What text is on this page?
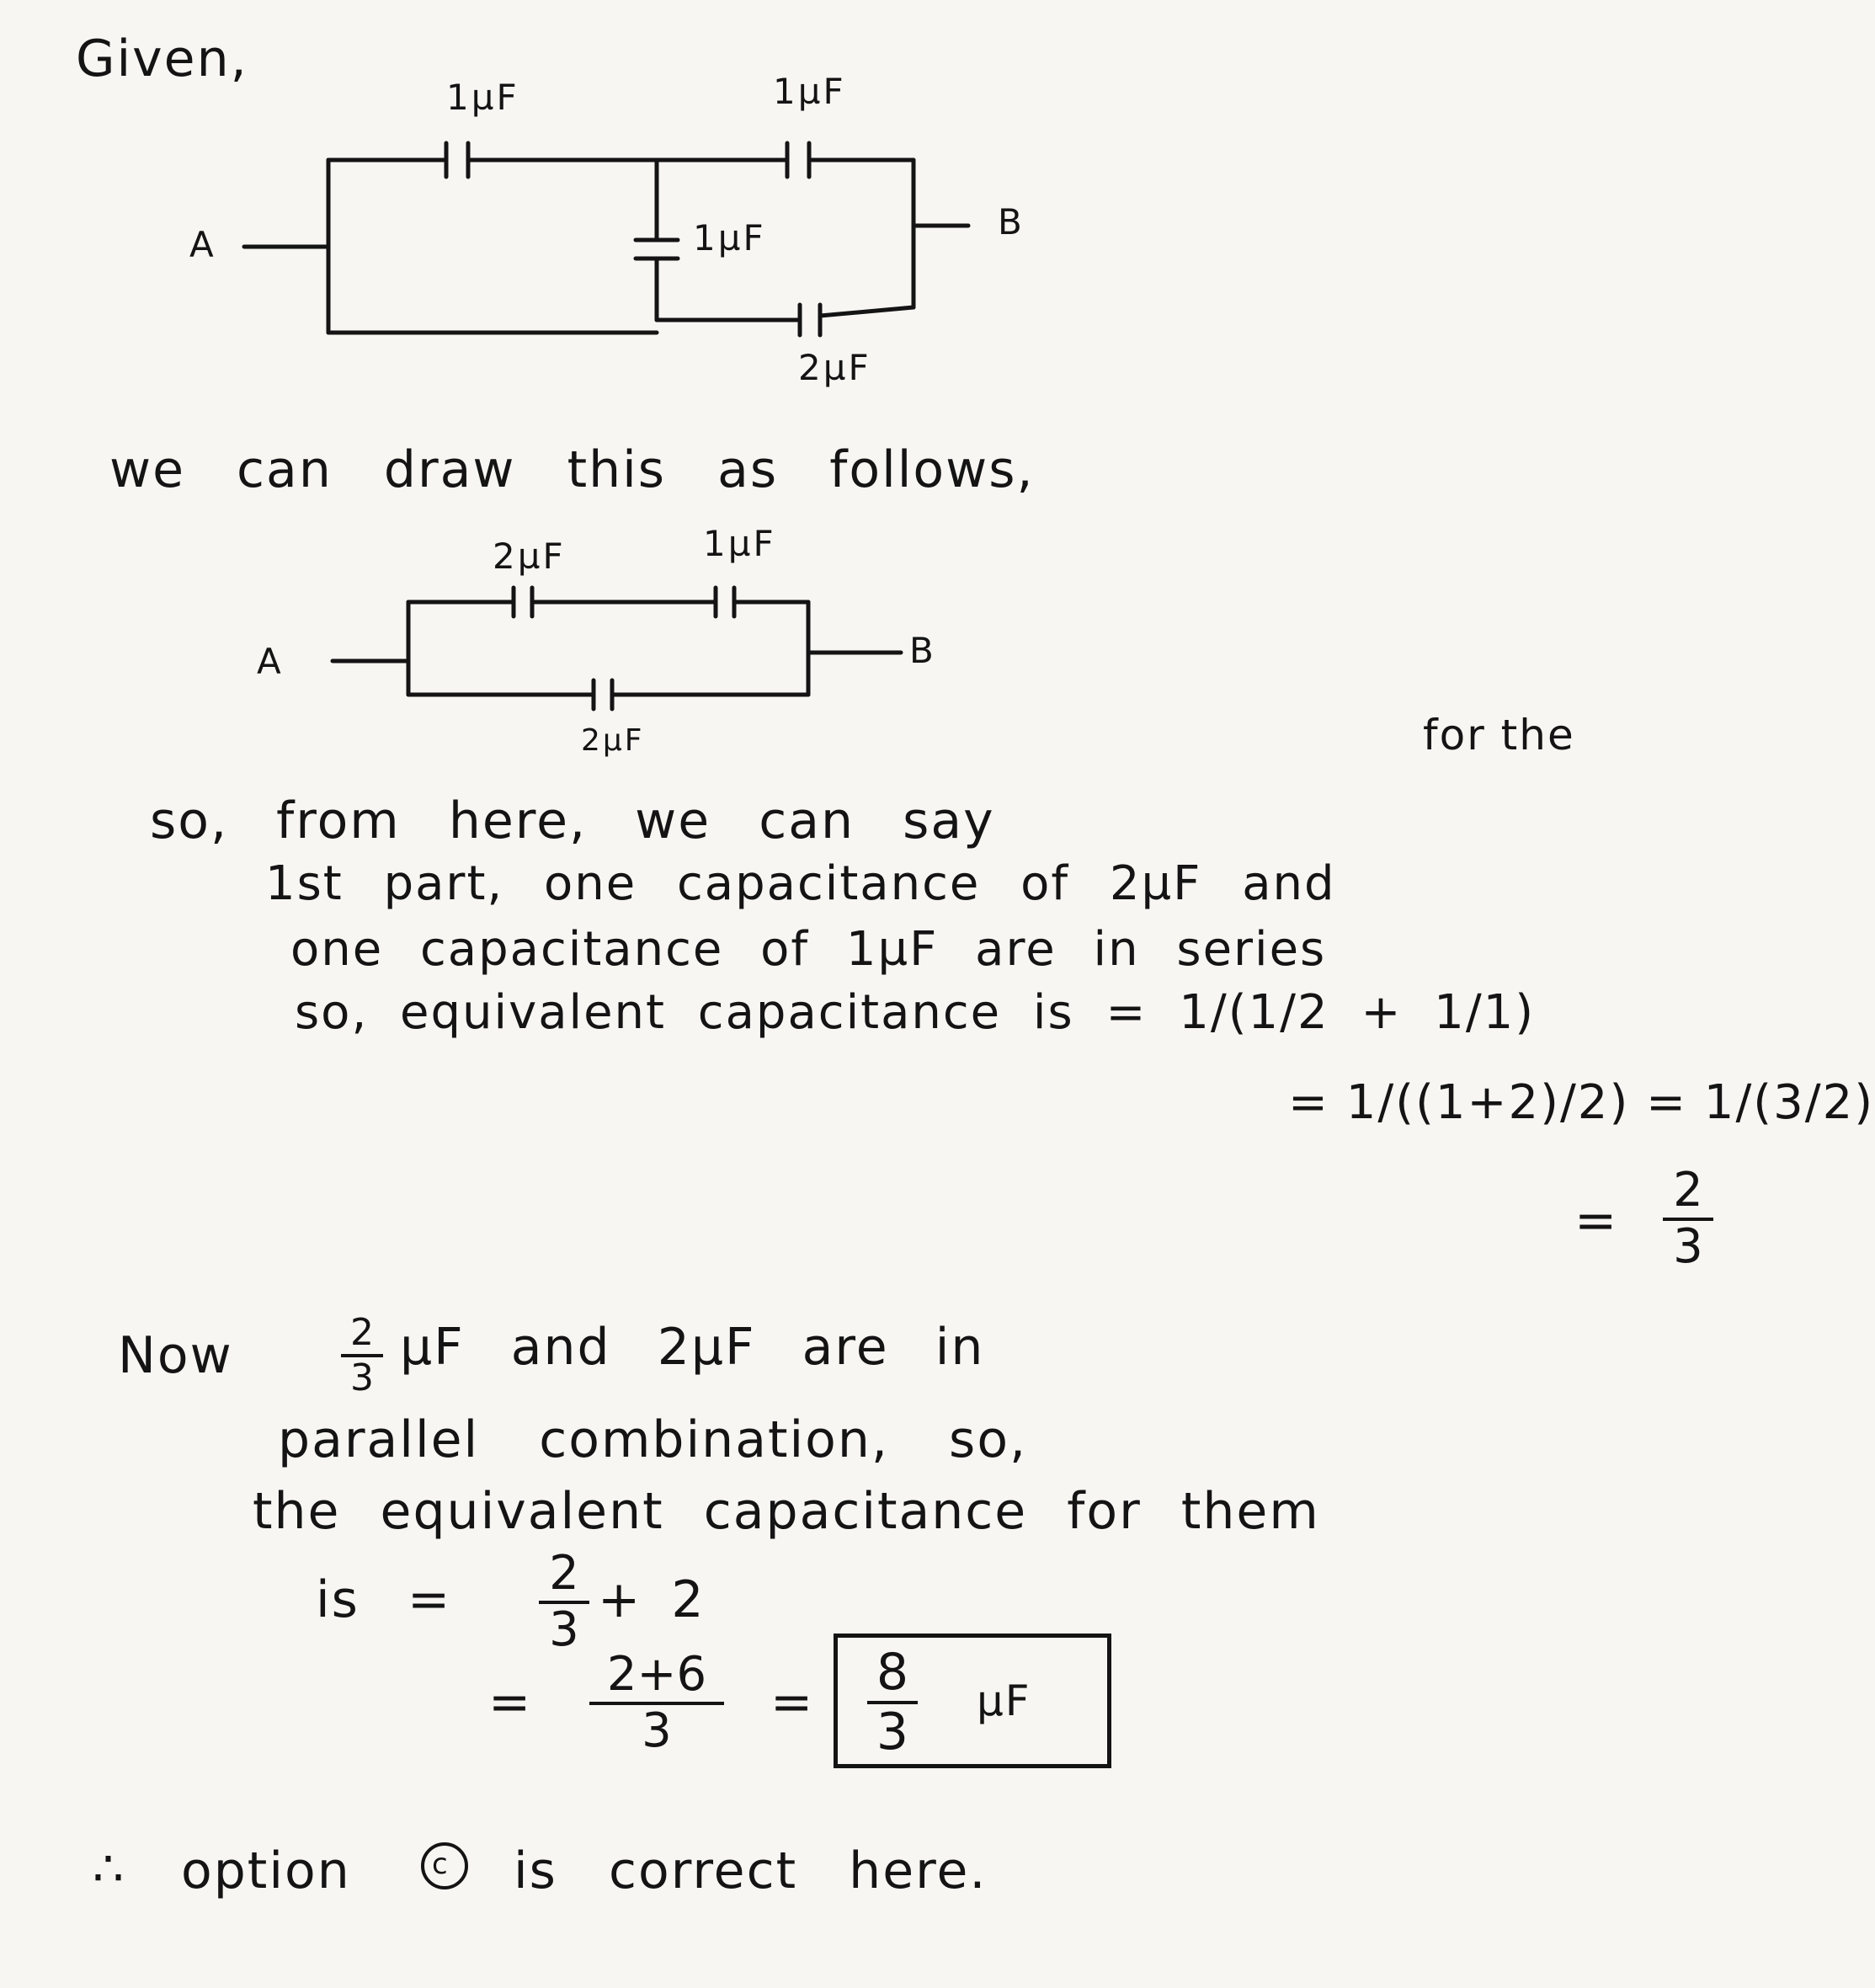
Given,
1µF	1µF
1µF
2µF
A
B
we can draw this as follows,
2µF	1µF
2µF
A	B
so, from here, we can say
for the
1st part, one capacitance of 2µF and
one capacitance of 1µF are in series
so, equivalent capacitance is = 1/(1/2 + 1/1)
= 1/((1+2)/2) = 1/(3/2)
=
2
3
Now	2
3
µF and 2µF are in
parallel combination, so,
the equivalent capacitance for them
is = 2
3
+ 2
= 2+6
3 =
8
3
µF
∴ option	c is correct here.
